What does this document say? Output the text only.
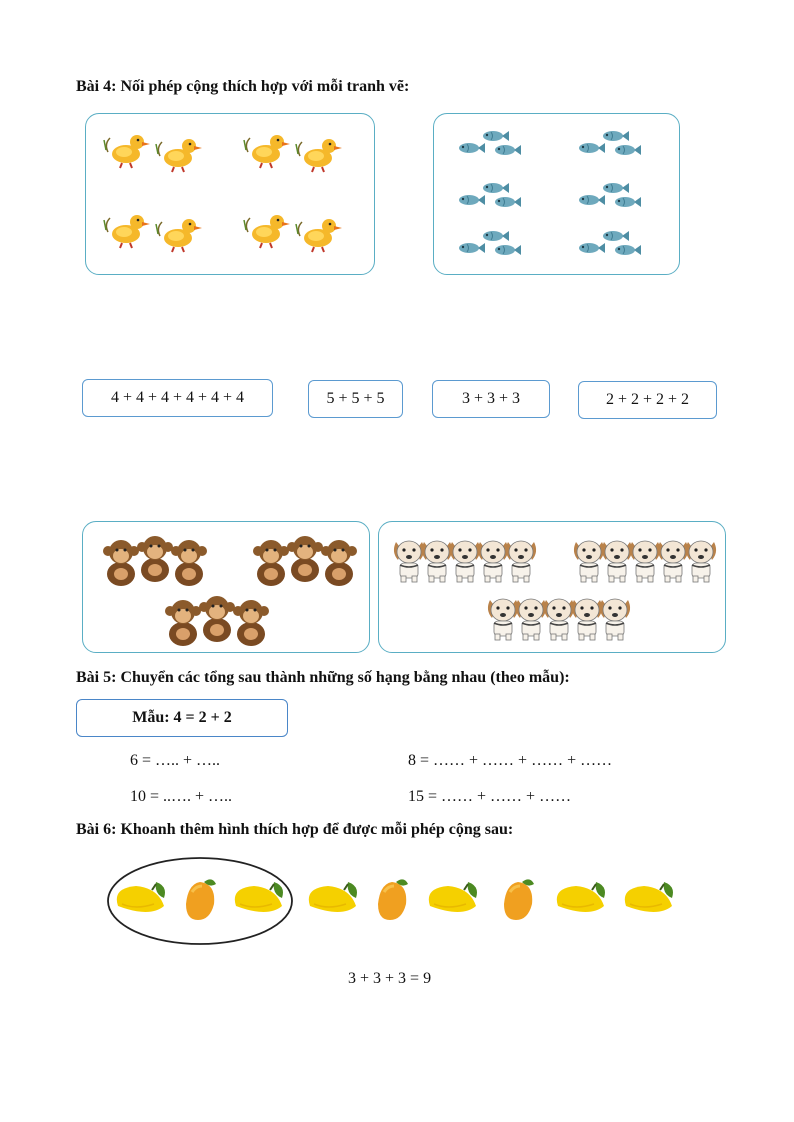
Bài 4: Nối phép cộng thích hợp với mỗi tranh vẽ:
4 + 4 + 4 + 4 + 4 + 4	5 + 5 + 5	3 + 3 + 3	2 + 2 + 2 + 2
Bài 5: Chuyển các tổng sau thành những số hạng bằng nhau (theo mẫu):
Mẫu: 4 = 2 + 2
6 = ….. + …..	8 = …… + …… + …… + ……
10 = ..…. + …..	15 = …… + …… + ……
Bài 6: Khoanh thêm hình thích hợp để được mỗi phép cộng sau:
3 + 3 + 3 = 9
